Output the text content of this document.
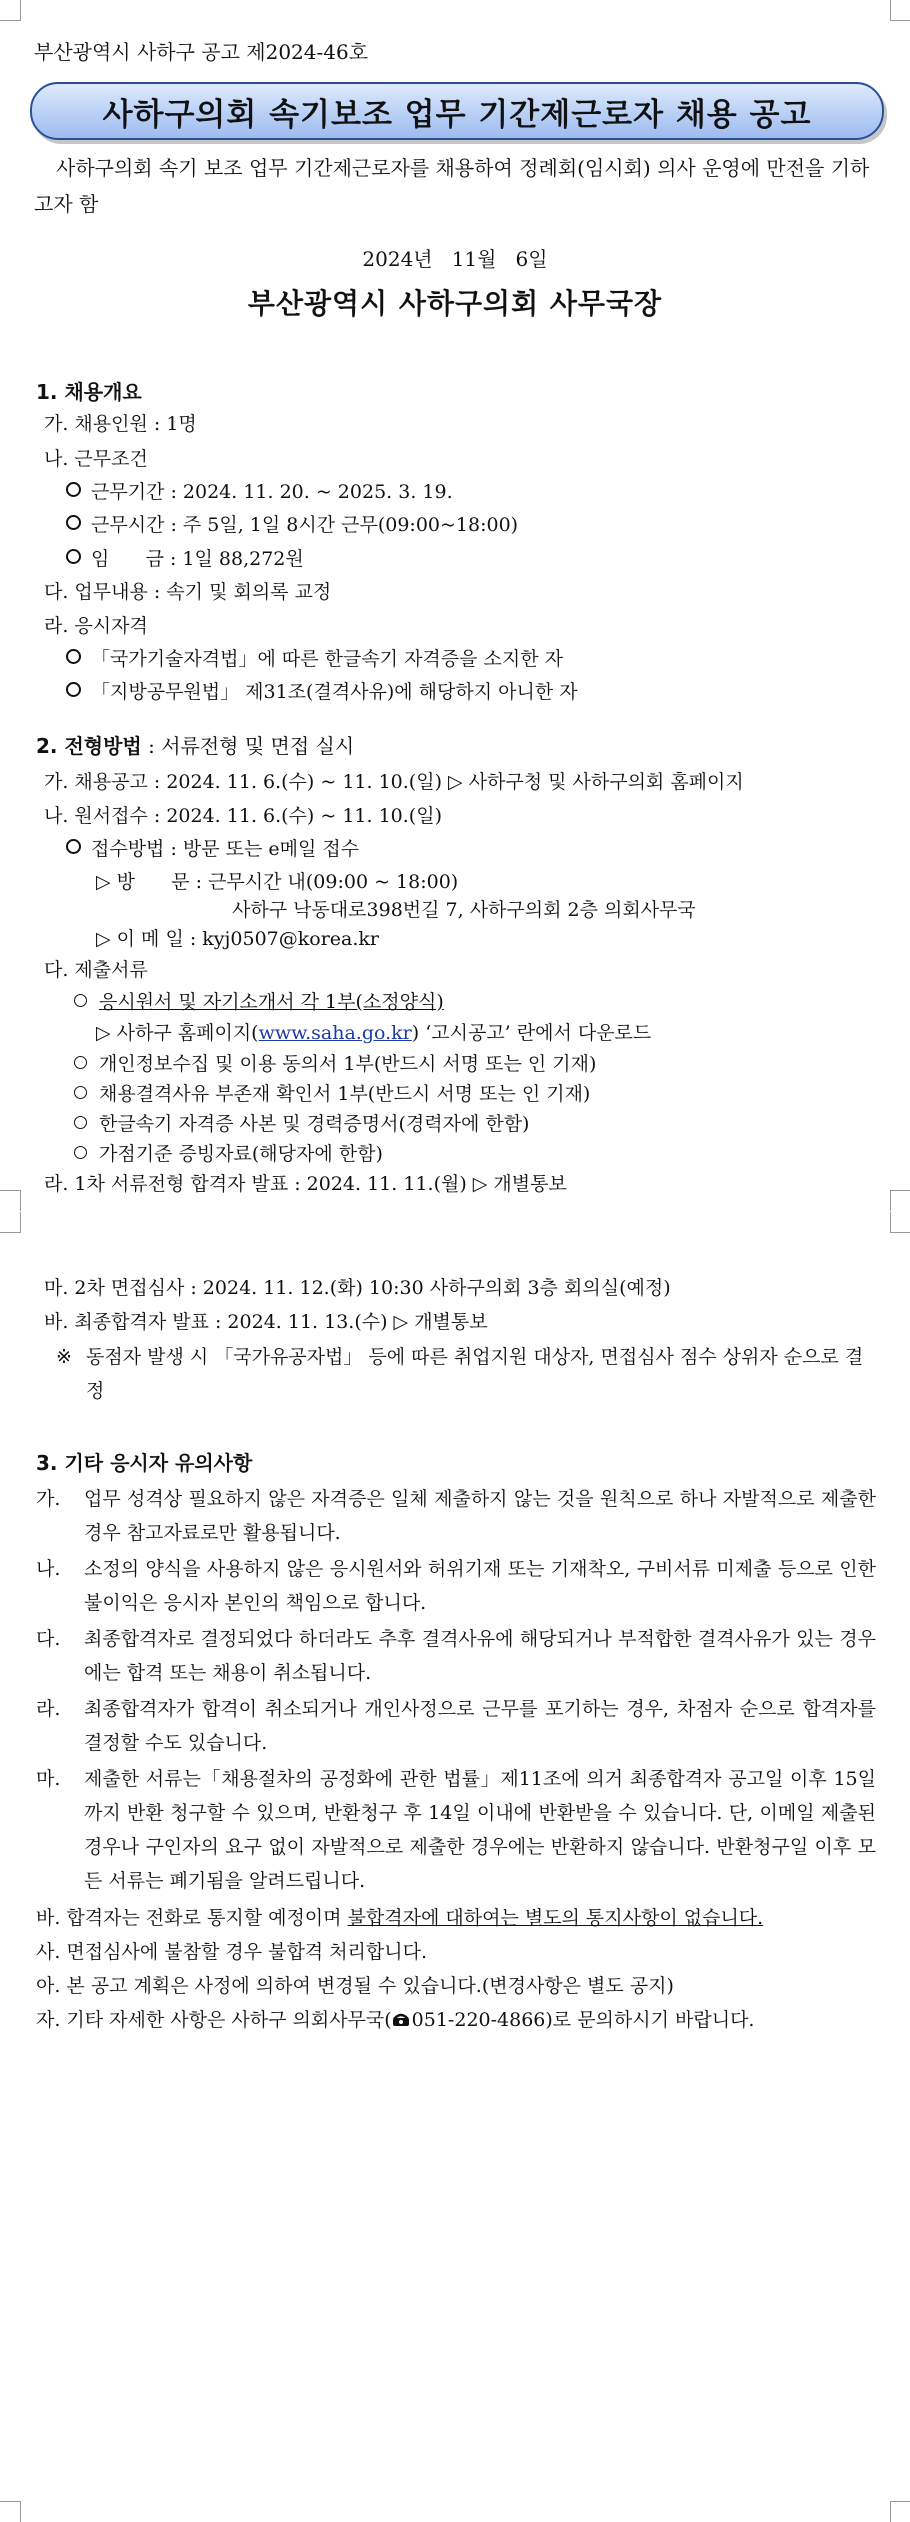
부산광역시 사하구 공고 제2024-46호
사하구의회 속기보조 업무 기간제근로자 채용 공고
사하구의회 속기 보조 업무 기간제근로자를 채용하여 정례회(임시회) 의사 운영에 만전을 기하고자 함
2024년   11월   6일
부산광역시 사하구의회 사무국장
1. 채용개요
가. 채용인원 : 1명
나. 근무조건
근무기간 : 2024. 11. 20. ~ 2025. 3. 19.
근무시간 : 주 5일, 1일 8시간 근무(09:00~18:00)
임      금 : 1일 88,272원
다. 업무내용 : 속기 및 회의록 교정
라. 응시자격
「국가기술자격법」에 따른 한글속기 자격증을 소지한 자
「지방공무원법」 제31조(결격사유)에 해당하지 아니한 자
2. 전형방법 : 서류전형 및 면접 실시
가. 채용공고 : 2024. 11. 6.(수) ~ 11. 10.(일) ▷ 사하구청 및 사하구의회 홈페이지
나. 원서접수 : 2024. 11. 6.(수) ~ 11. 10.(일)
접수방법 : 방문 또는 e메일 접수
▷ 방      문 : 근무시간 내(09:00 ~ 18:00)
사하구 낙동대로398번길 7, 사하구의회 2층 의회사무국
▷ 이 메 일 : kyj0507@korea.kr
다. 제출서류
응시원서 및 자기소개서 각 1부(소정양식)
▷ 사하구 홈페이지(www.saha.go.kr) ‘고시공고’ 란에서 다운로드
개인정보수집 및 이용 동의서 1부(반드시 서명 또는 인 기재)
채용결격사유 부존재 확인서 1부(반드시 서명 또는 인 기재)
한글속기 자격증 사본 및 경력증명서(경력자에 한함)
가점기준 증빙자료(해당자에 한함)
라. 1차 서류전형 합격자 발표 : 2024. 11. 11.(월) ▷ 개별통보
마. 2차 면접심사 : 2024. 11. 12.(화) 10:30 사하구의회 3층 회의실(예정)
바. 최종합격자 발표 : 2024. 11. 13.(수) ▷ 개별통보
※ 동점자 발생 시 「국가유공자법」 등에 따른 취업지원 대상자, 면접심사 점수 상위자 순으로 결정
3. 기타 응시자 유의사항
가.	업무 성격상 필요하지 않은 자격증은 일체 제출하지 않는 것을 원칙으로 하나 자발적으로 제출한 경우 참고자료로만 활용됩니다.
나.	소정의 양식을 사용하지 않은 응시원서와 허위기재 또는 기재착오, 구비서류 미제출 등으로 인한 불이익은 응시자 본인의 책임으로 합니다.
다.	최종합격자로 결정되었다 하더라도 추후 결격사유에 해당되거나 부적합한 결격사유가 있는 경우에는 합격 또는 채용이 취소됩니다.
라.	최종합격자가 합격이 취소되거나 개인사정으로 근무를 포기하는 경우, 차점자 순으로 합격자를 결정할 수도 있습니다.
마.	제출한 서류는「채용절차의 공정화에 관한 법률」제11조에 의거 최종합격자 공고일 이후 15일까지 반환 청구할 수 있으며, 반환청구 후 14일 이내에 반환받을 수 있습니다. 단, 이메일 제출된 경우나 구인자의 요구 없이 자발적으로 제출한 경우에는 반환하지 않습니다. 반환청구일 이후 모든 서류는 폐기됨을 알려드립니다.
바. 합격자는 전화로 통지할 예정이며 불합격자에 대하여는 별도의 통지사항이 없습니다.
사. 면접심사에 불참할 경우 불합격 처리합니다.
아. 본 공고 계획은 사정에 의하여 변경될 수 있습니다.(변경사항은 별도 공지)
자. 기타 자세한 사항은 사하구 의회사무국( 051-220-4866)로 문의하시기 바랍니다.
